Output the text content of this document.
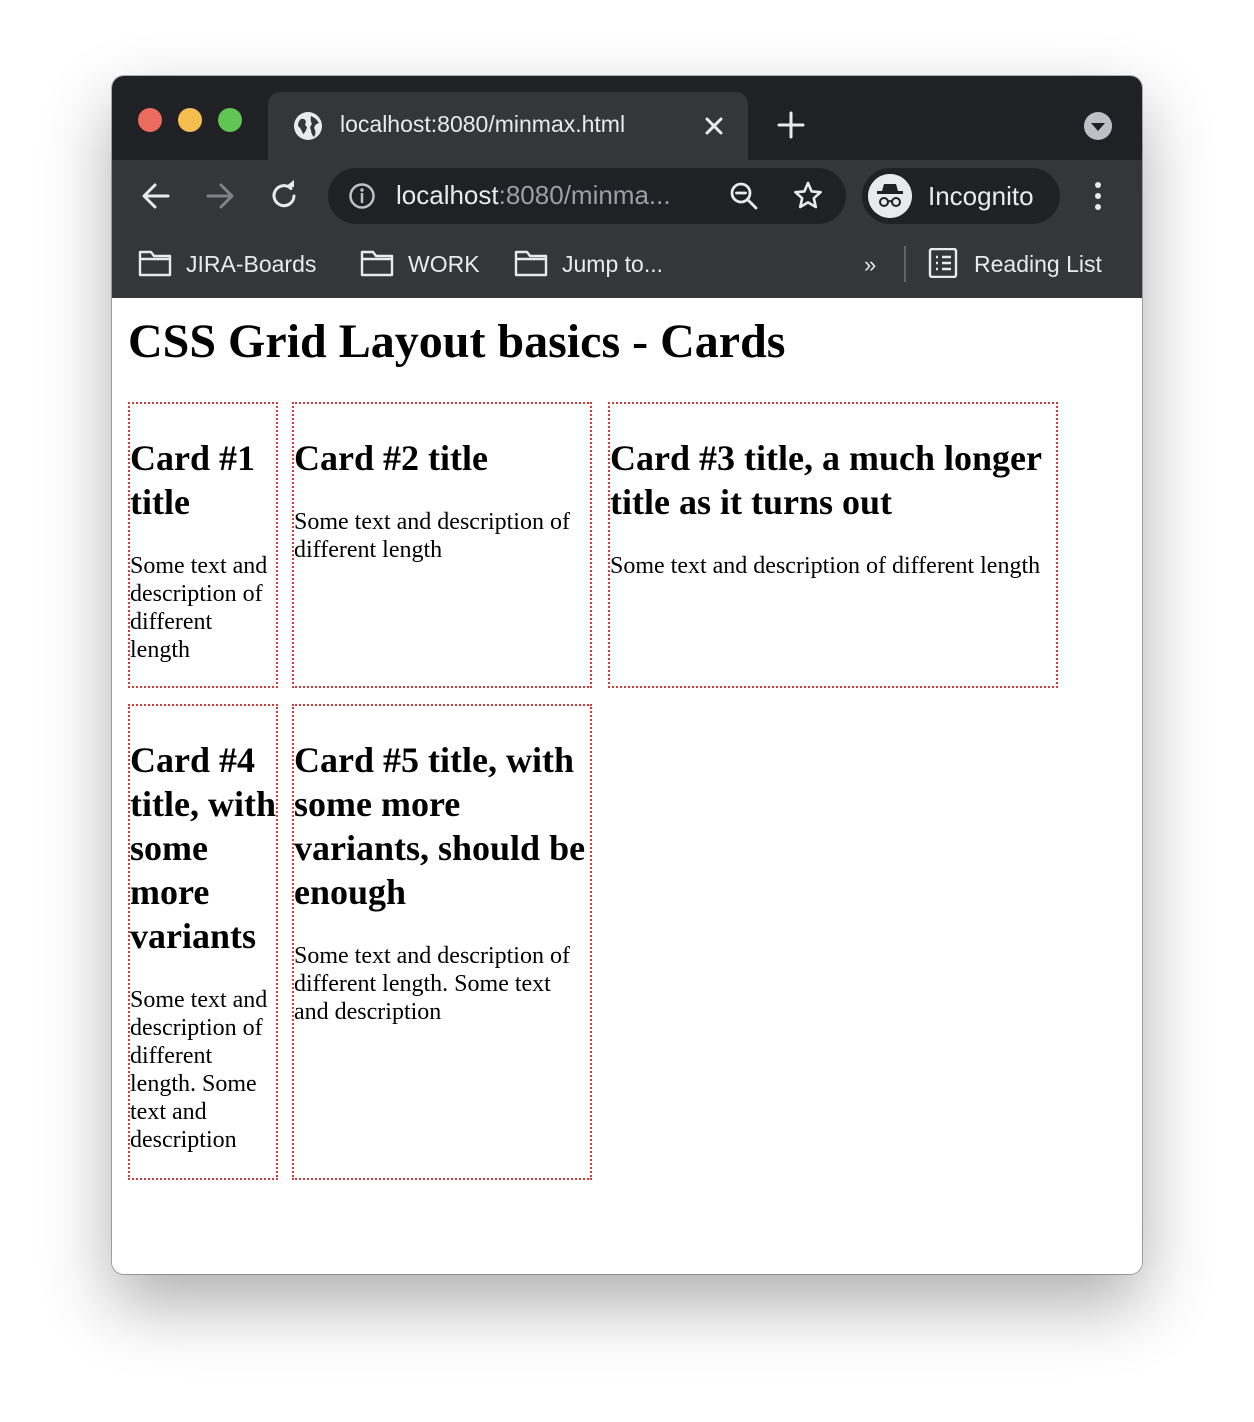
localhost:8080/minmax.html
localhost:8080/minma...	Incognito
JIRA-Boards	WORK	Jump to...	»	Reading List
CSS Grid Layout basics - Cards
Card #1 title

Some text and description of different length

Card #2 title

Some text and description of different length

Card #3 title, a much longer title as it turns out

Some text and description of different length

Card #4 title, with some more variants

Some text and description of different length. Some text and description

Card #5 title, with some more variants, should be enough

Some text and description of different length. Some text and description
